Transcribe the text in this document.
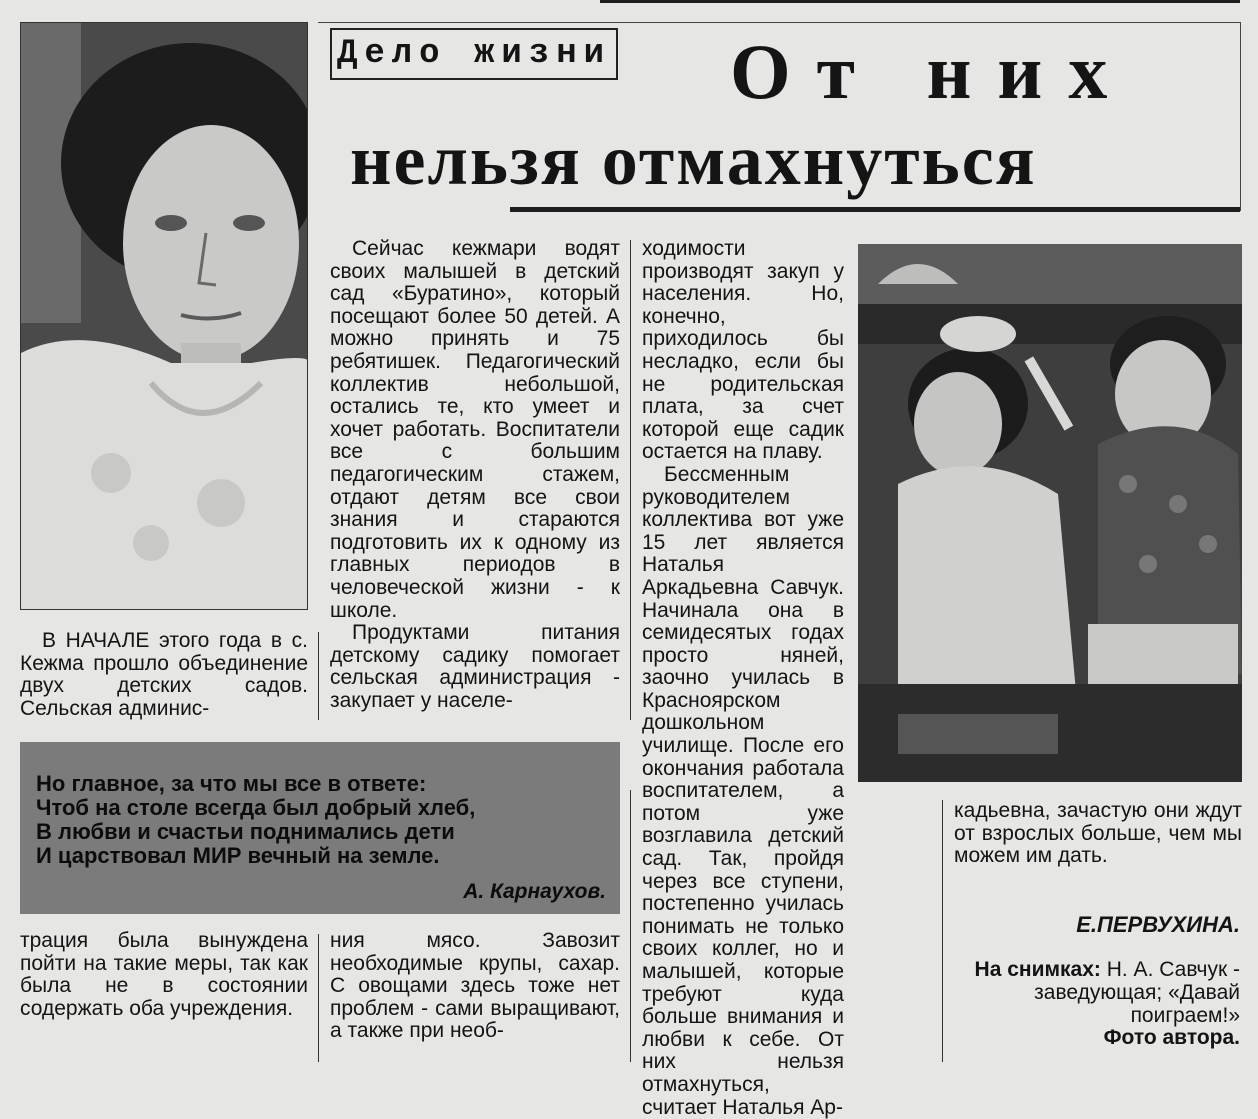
Дело жизни От них
нельзя отмахнуться

В НАЧАЛЕ этого года в с. Кежма прошло объединение двух детских садов. Сельская админис-

Сейчас кежмари водят своих малышей в детский сад «Буратино», который посещают более 50 детей. А можно принять и 75 ребятишек. Педагогический коллектив небольшой, остались те, кто умеет и хочет работать. Воспитатели все с большим педагогическим стажем, отдают детям все свои знания и стараются подготовить их к одному из главных периодов в человеческой жизни - к школе.

Продуктами питания детскому садику помогает сельская администрация - закупает у населе-

ходимости производят закуп у населения. Но, конечно, приходилось бы несладко, если бы не родительская плата, за счет которой еще садик остается на плаву.

Бессменным руководителем коллектива вот уже 15 лет является Наталья Аркадьевна Савчук. Начинала она в семидесятых годах просто няней, заочно училась в Красноярском дошкольном училище. После его окончания работала воспитателем, а потом уже возглавила детский сад. Так, пройдя через все ступени, постепенно училась понимать не только своих коллег, но и малышей, которые требуют куда больше внимания и любви к себе. От них нельзя отмахнуться, считает Наталья Ар-

кадьевна, зачастую они ждут от взрослых больше, чем мы можем им дать.

Но главное, за что мы все в ответе:
Чтоб на столе всегда был добрый хлеб,
В любви и счастьи поднимались дети
И царствовал МИР вечный на земле.
А. Карнаухов.

трация была вынуждена пойти на такие меры, так как была не в состоянии содержать оба учреждения.

ния мясо. Завозит необходимые крупы, сахар. С овощами здесь тоже нет проблем - сами выращивают, а также при необ-

Е.ПЕРВУХИНА.
На снимках: Н. А. Савчук - заведующая; «Давай поиграем!»
Фото автора.
